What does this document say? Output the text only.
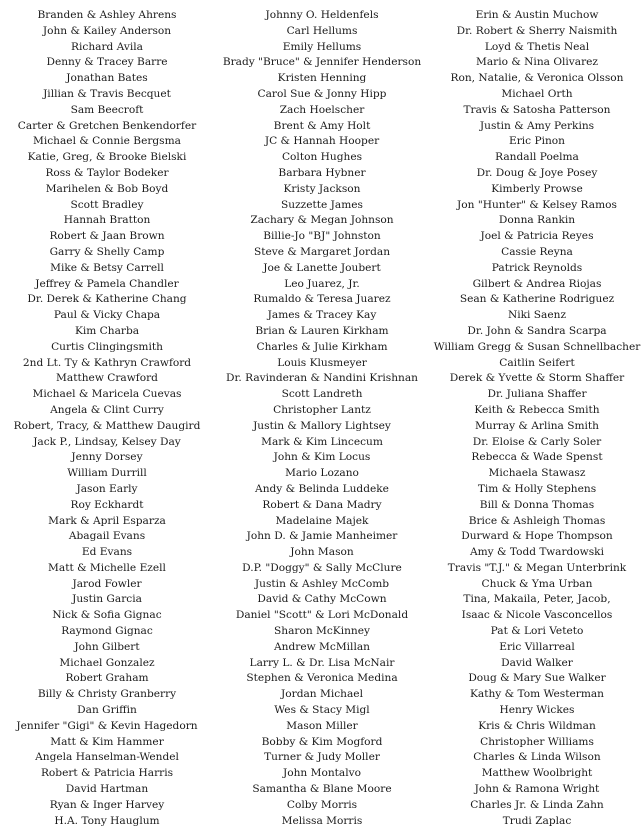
Branden & Ashley Ahrens
John & Kailey Anderson
Richard Avila
Denny & Tracey Barre
Jonathan Bates
Jillian & Travis Becquet
Sam Beecroft
Carter & Gretchen Benkendorfer
Michael & Connie Bergsma
Katie, Greg, & Brooke Bielski
Ross & Taylor Bodeker
Marihelen & Bob Boyd
Scott Bradley
Hannah Bratton
Robert & Jaan Brown
Garry & Shelly Camp
Mike & Betsy Carrell
Jeffrey & Pamela Chandler
Dr. Derek & Katherine Chang
Paul & Vicky Chapa
Kim Charba
Curtis Clingingsmith
2nd Lt. Ty & Kathryn Crawford
Matthew Crawford
Michael & Maricela Cuevas
Angela & Clint Curry
Robert, Tracy, & Matthew Daugird
Jack P., Lindsay, Kelsey Day
Jenny Dorsey
William Durrill
Jason Early
Roy Eckhardt
Mark & April Esparza
Abagail Evans
Ed Evans
Matt & Michelle Ezell
Jarod Fowler
Justin Garcia
Nick & Sofia Gignac
Raymond Gignac
John Gilbert
Michael Gonzalez
Robert Graham
Billy & Christy Granberry
Dan Griffin
Jennifer "Gigi" & Kevin Hagedorn
Matt & Kim Hammer
Angela Hanselman-Wendel
Robert & Patricia Harris
David Hartman
Ryan & Inger Harvey
H.A. Tony Hauglum
Johnny O. Heldenfels
Carl Hellums
Emily Hellums
Brady "Bruce" & Jennifer Henderson
Kristen Henning
Carol Sue & Jonny Hipp
Zach Hoelscher
Brent & Amy Holt
JC & Hannah Hooper
Colton Hughes
Barbara Hybner
Kristy Jackson
Suzzette James
Zachary & Megan Johnson
Billie-Jo "BJ" Johnston
Steve & Margaret Jordan
Joe & Lanette Joubert
Leo Juarez, Jr.
Rumaldo & Teresa Juarez
James & Tracey Kay
Brian & Lauren Kirkham
Charles & Julie Kirkham
Louis Klusmeyer
Dr. Ravinderan & Nandini Krishnan
Scott Landreth
Christopher Lantz
Justin & Mallory Lightsey
Mark & Kim Lincecum
John & Kim Locus
Mario Lozano
Andy & Belinda Luddeke
Robert & Dana Madry
Madelaine Majek
John D. & Jamie Manheimer
John Mason
D.P. "Doggy" & Sally McClure
Justin & Ashley McComb
David & Cathy McCown
Daniel "Scott" & Lori McDonald
Sharon McKinney
Andrew McMillan
Larry L. & Dr. Lisa McNair
Stephen & Veronica Medina
Jordan Michael
Wes & Stacy Migl
Mason Miller
Bobby & Kim Mogford
Turner & Judy Moller
John Montalvo
Samantha & Blane Moore
Colby Morris
Melissa Morris
Erin & Austin Muchow
Dr. Robert & Sherry Naismith
Loyd & Thetis Neal
Mario & Nina Olivarez
Ron, Natalie, & Veronica Olsson
Michael Orth
Travis & Satosha Patterson
Justin & Amy Perkins
Eric Pinon
Randall Poelma
Dr. Doug & Joye Posey
Kimberly Prowse
Jon "Hunter" & Kelsey Ramos
Donna Rankin
Joel & Patricia Reyes
Cassie Reyna
Patrick Reynolds
Gilbert & Andrea Riojas
Sean & Katherine Rodriguez
Niki Saenz
Dr. John & Sandra Scarpa
William Gregg & Susan Schnellbacher
Caitlin Seifert
Derek & Yvette & Storm Shaffer
Dr. Juliana Shaffer
Keith & Rebecca Smith
Murray & Arlina Smith
Dr. Eloise & Carly Soler
Rebecca & Wade Spenst
Michaela Stawasz
Tim & Holly Stephens
Bill & Donna Thomas
Brice & Ashleigh Thomas
Durward & Hope Thompson
Amy & Todd Twardowski
Travis "T.J." & Megan Unterbrink
Chuck & Yma Urban
Tina, Makaila, Peter, Jacob,
Isaac & Nicole Vasconcellos
Pat & Lori Veteto
Eric Villarreal
David Walker
Doug & Mary Sue Walker
Kathy & Tom Westerman
Henry Wickes
Kris & Chris Wildman
Christopher Williams
Charles & Linda Wilson
Matthew Woolbright
John & Ramona Wright
Charles Jr. & Linda Zahn
Trudi Zaplac
